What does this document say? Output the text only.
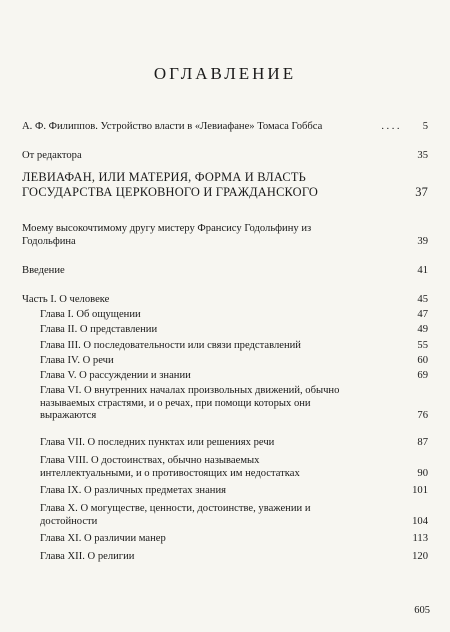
ОГЛАВЛЕНИЕ
А. Ф. Филиппов. Устройство власти в «Левиафане» Томаса Гоббса	.... 5
От редактора	35
ЛЕВИАФАН, ИЛИ МАТЕРИЯ, ФОРМА И ВЛАСТЬ ГОСУДАРСТВА ЦЕРКОВНОГО И ГРАЖДАНСКОГО	37
Моему высокочтимому другу мистеру Франсису Годольфину из Годольфина	39
Введение	41
Часть I. О человеке	45
Глава I. Об ощущении	47
Глава II. О представлении	49
Глава III. О последовательности или связи представлений	55
Глава IV. О речи	60
Глава V. О рассуждении и знании	69
Глава VI. О внутренних началах произвольных движений, обычно называемых страстями, и о речах, при помощи которых они выражаются	76
Глава VII. О последних пунктах или решениях речи	87
Глава VIII. О достоинствах, обычно называемых интеллектуальными, и о противостоящих им недостатках	90
Глава IX. О различных предметах знания	101
Глава X. О могуществе, ценности, достоинстве, уважении и достойности	104
Глава XI. О различии манер	113
Глава XII. О религии	120
605
